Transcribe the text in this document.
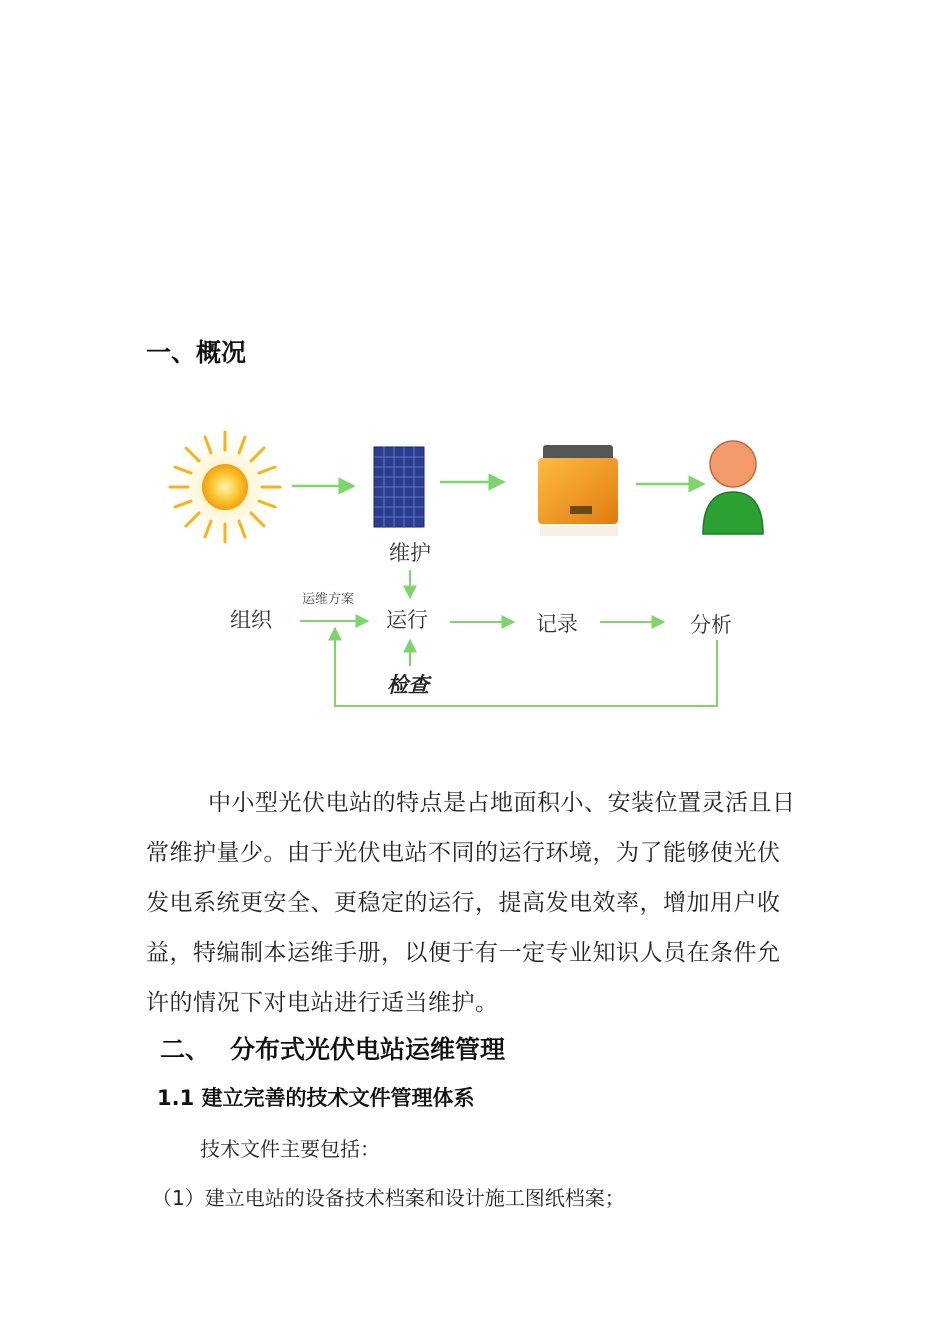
一、概况
维护
运维方案
组织	运行	记录	分析
检查
中小型光伏电站的特点是占地面积小、安装位置灵活且日常维护量少。由于光伏电站不同的运行环境，为了能够使光伏发电系统更安全、更稳定的运行，提高发电效率，增加用户收益，特编制本运维手册，以便于有一定专业知识人员在条件允许的情况下对电站进行适当维护。
二、 分布式光伏电站运维管理
1.1 建立完善的技术文件管理体系
技术文件主要包括：
（1）建立电站的设备技术档案和设计施工图纸档案；
